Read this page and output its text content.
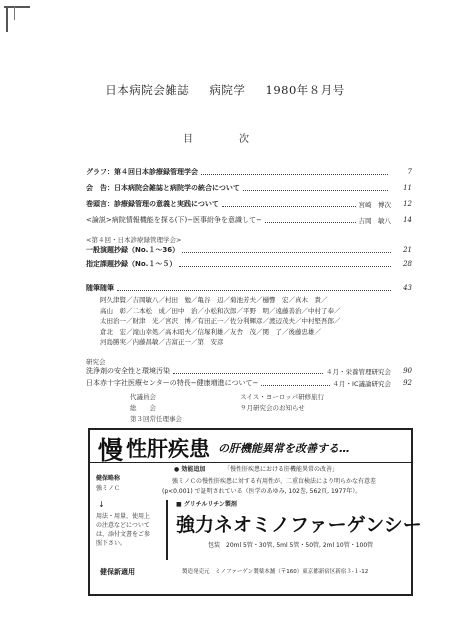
日本病院会雑誌 病院学 1980年８月号
目　次
グラフ：第４回日本診療録管理学会	7
会　告：日本病院会雑誌と病院学の統合について	11
巻頭言：診療録管理の意義と実践について	宮崎　博次	12
<論説>病院情報機能を探る(下)−医事紛争を意識して−	吉岡　敏八	14
<第４回・日本診療録管理学会>
一般演題抄録（No.１〜36）	21
指定課題抄録（No.１〜５）	28
随筆随筆	43
阿久津賢／吉岡敏八／村田　勉／亀谷　辺／菊池芳夫／樋響　宏／真木　貴／
高山　彰／二本松　成／田中　治／小松和次郎／平野　明／遠藤善治／中村了奉／
太田治一／財津　光／宮沢　博／有田正一／佐分利輝彦／渡辺茂夫／中村堅吾郎／
倉北　宏／滝山幸処／高木昭夫／信塚利雄／友舎　茂／関　了／後藤忠雄／
河島勝実／内藤昌敏／吉富正一／第　安彦
研究会
洗浄剤の安全性と環境汚染	４月・栄養管理研究会	90
日本赤十字社医療センターの特長−健康増進について−	４月・IC議論研究会	92
代議員会	スイス・ヨーロッパ研修旅行
総　　会	９月研究会のお知らせ
第３回常任理事会
慢 性肝疾患 の肝機能異常を改善する…
● 効能追加	「慢性肝疾患における肝機能異常の改善」
強ミノＣの慢性肝疾患に対する有用性が、二重盲検法により明らかな有意差
(p<0.001) で証明されている（医学のあゆみ, 102巻, 562頁, 1977年）。
健保略称
強ミノＣ
↓
用法・用量、使用上
の注意などについて
は、添付文書をご参
照下さい。
■ グリチルリチン製剤
強力ネオミノファーゲンシー
包装　20ml 5管・30管, 5ml 5管・50管, 2ml 10管・100管
健保新適用	製造発売元　ミノファーゲン製薬本舗（〒160）東京都新宿区新宿３-１-12
